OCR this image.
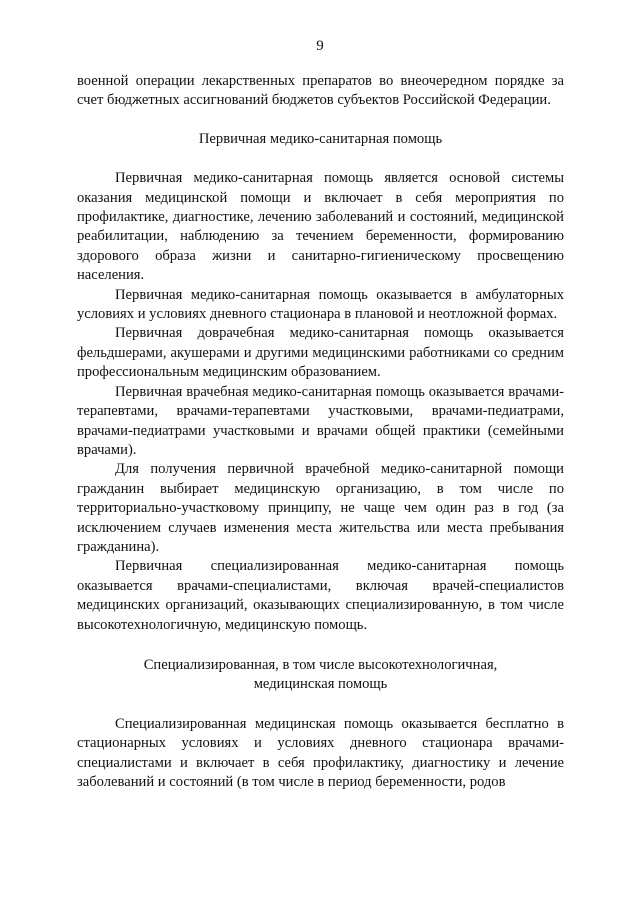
9

военной операции лекарственных препаратов во внеочередном порядке за счет бюджетных ассигнований бюджетов субъектов Российской Федерации.

Первичная медико-санитарная помощь

Первичная медико-санитарная помощь является основой системы оказания медицинской помощи и включает в себя мероприятия по профилактике, диагностике, лечению заболеваний и состояний, медицинской реабилитации, наблюдению за течением беременности, формированию здорового образа жизни и санитарно-гигиеническому просвещению населения.

Первичная медико-санитарная помощь оказывается в амбулаторных условиях и условиях дневного стационара в плановой и неотложной формах.

Первичная доврачебная медико-санитарная помощь оказывается фельдшерами, акушерами и другими медицинскими работниками со средним профессиональным медицинским образованием.

Первичная врачебная медико-санитарная помощь оказывается врачами-терапевтами, врачами-терапевтами участковыми, врачами-педиатрами, врачами-педиатрами участковыми и врачами общей практики (семейными врачами).

Для получения первичной врачебной медико-санитарной помощи гражданин выбирает медицинскую организацию, в том числе по территориально-участковому принципу, не чаще чем один раз в год (за исключением случаев изменения места жительства или места пребывания гражданина).

Первичная специализированная медико-санитарная помощь оказывается врачами-специалистами, включая врачей-специалистов медицинских организаций, оказывающих специализированную, в том числе высокотехнологичную, медицинскую помощь.

Специализированная, в том числе высокотехнологичная,
медицинская помощь

Специализированная медицинская помощь оказывается бесплатно в стационарных условиях и условиях дневного стационара врачами-специалистами и включает в себя профилактику, диагностику и лечение заболеваний и состояний (в том числе в период беременности, родов
